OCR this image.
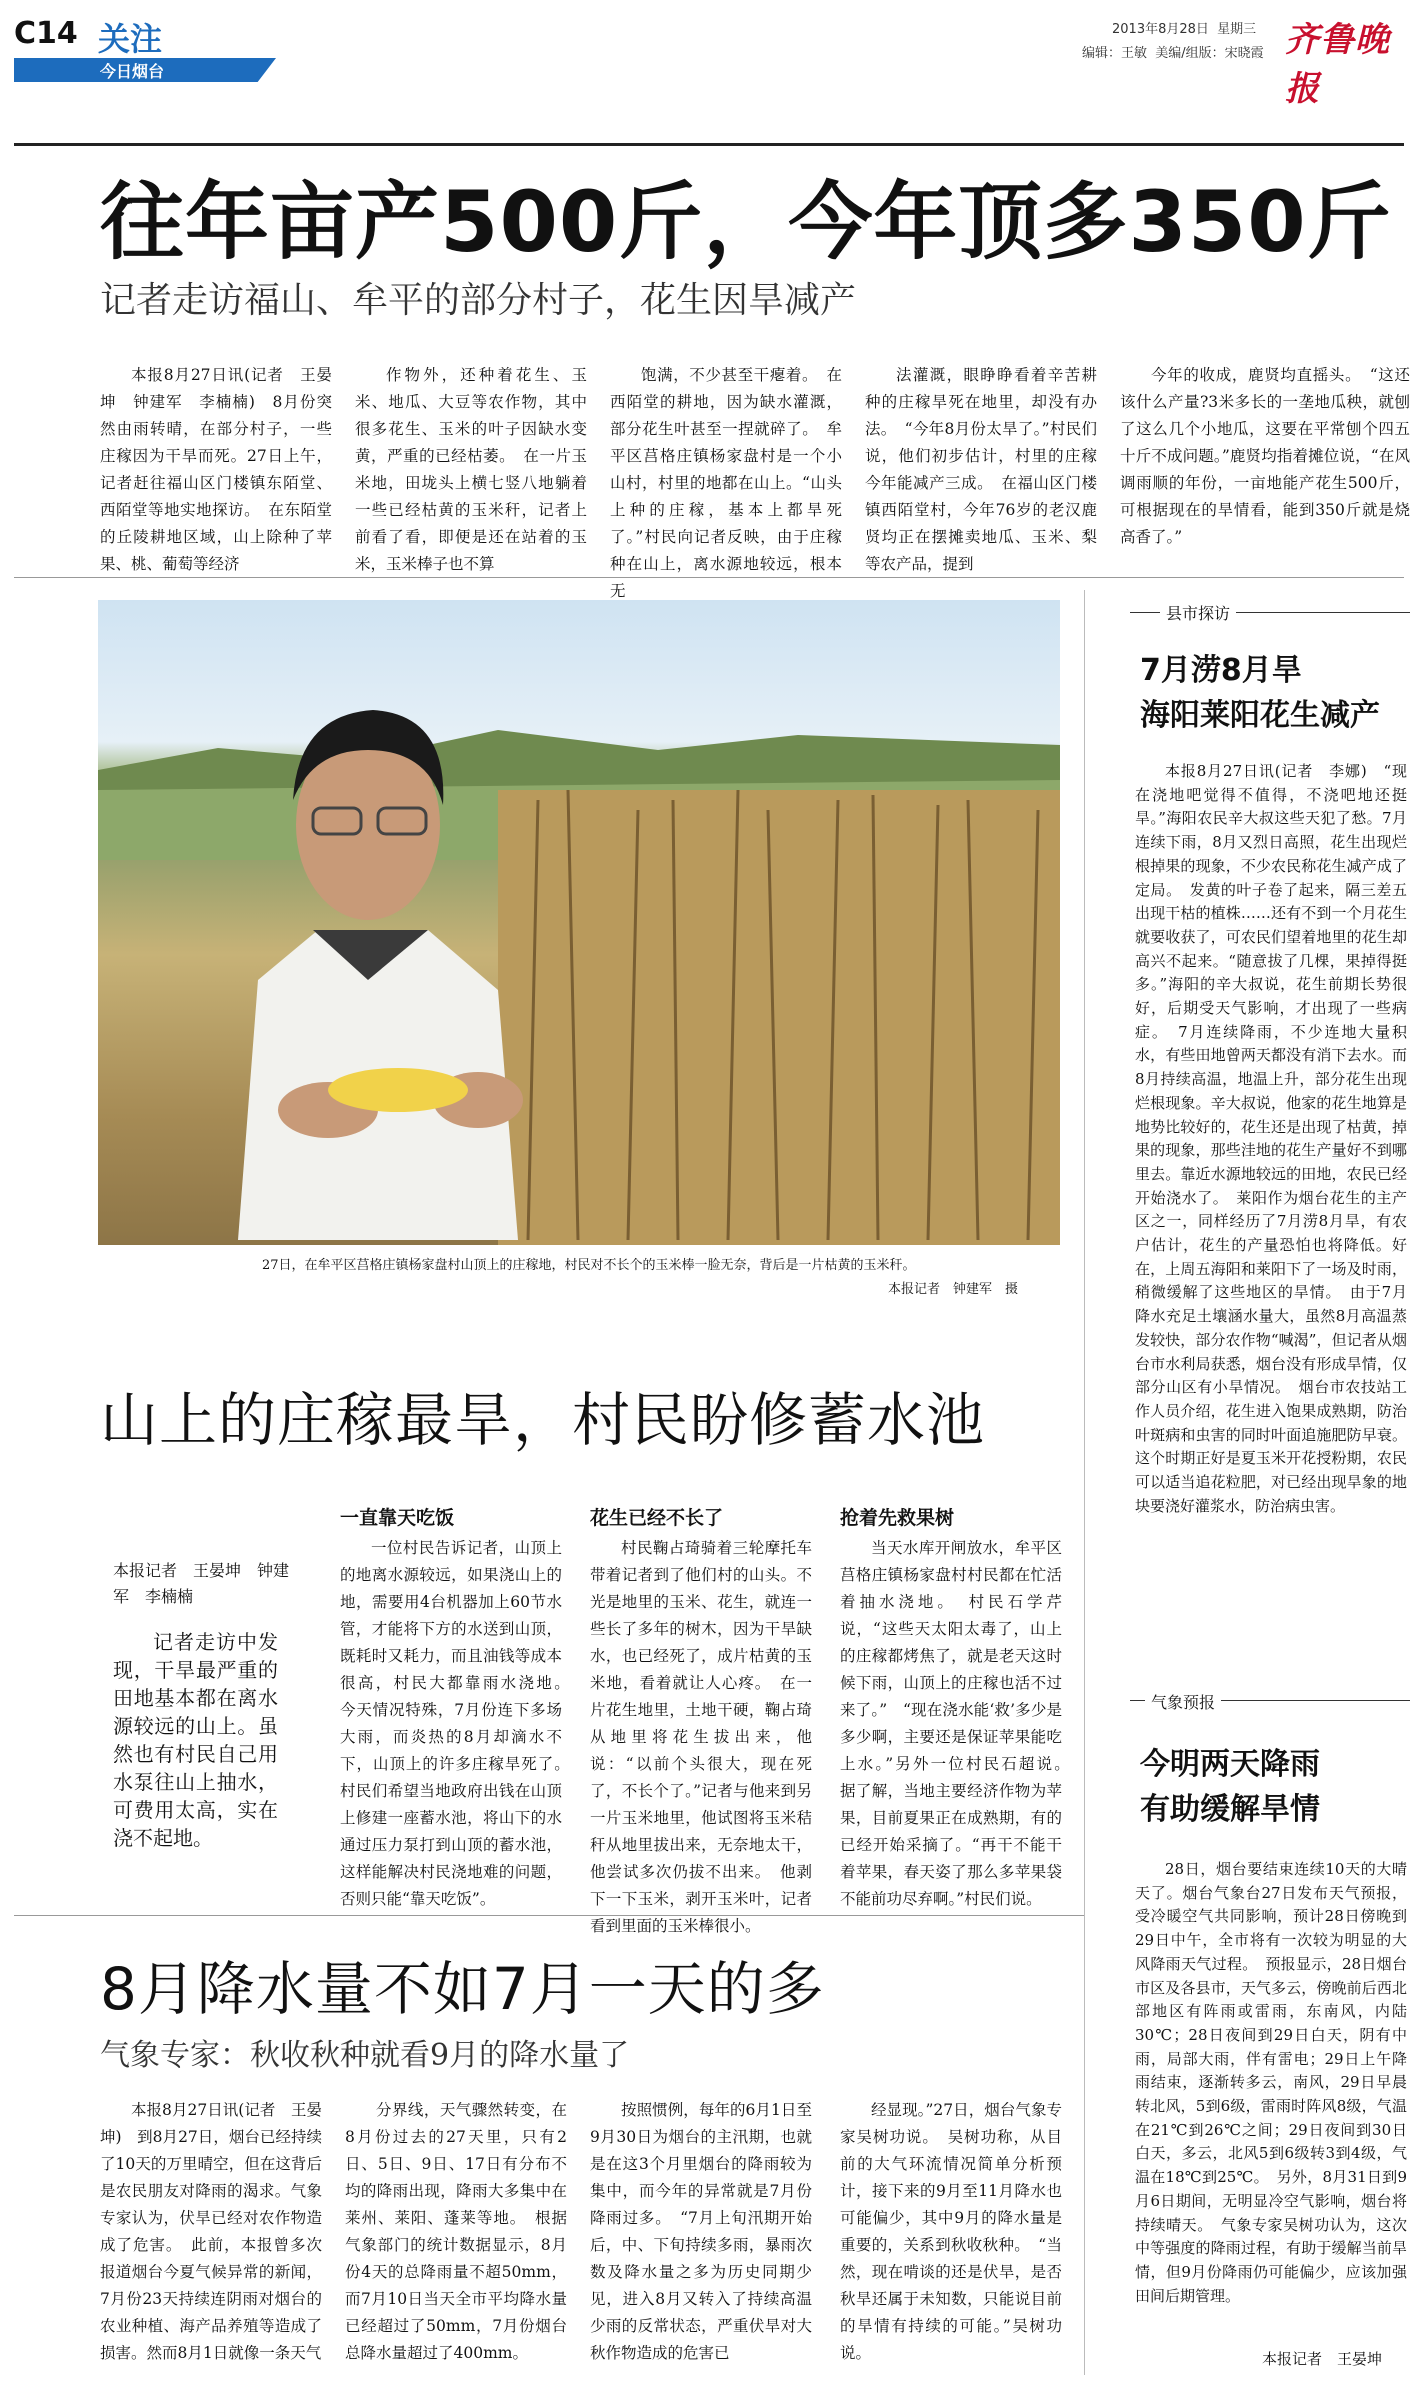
C14 关注
今日烟台
2013年8月28日 星期三
编辑：王敏 美编/组版：宋晓霞 齐鲁晚报
往年亩产500斤，今年顶多350斤
记者走访福山、牟平的部分村子，花生因旱减产

本报8月27日讯(记者　王晏坤　钟建军　李楠楠)　8月份突然由雨转晴，在部分村子，一些庄稼因为干旱而死。27日上午，记者赶往福山区门楼镇东陌堂、西陌堂等地实地探访。　在东陌堂的丘陵耕地区域，山上除种了苹果、桃、葡萄等经济

作物外，还种着花生、玉米、地瓜、大豆等农作物，其中很多花生、玉米的叶子因缺水变黄，严重的已经枯萎。　在一片玉米地，田垅头上横七竖八地躺着一些已经枯黄的玉米秆，记者上前看了看，即便是还在站着的玉米，玉米棒子也不算

饱满，不少甚至干瘪着。　在西陌堂的耕地，因为缺水灌溉，部分花生叶甚至一捏就碎了。　牟平区莒格庄镇杨家盘村是一个小山村，村里的地都在山上。“山头上种的庄稼，基本上都旱死了。”村民向记者反映，由于庄稼种在山上，离水源地较远，根本无

法灌溉，眼睁睁看着辛苦耕种的庄稼旱死在地里，却没有办法。　“今年8月份太旱了。”村民们说，他们初步估计，村里的庄稼今年能减产三成。　在福山区门楼镇西陌堂村，今年76岁的老汉鹿贤均正在摆摊卖地瓜、玉米、梨等农产品，提到

今年的收成，鹿贤均直摇头。　“这还该什么产量?3米多长的一垄地瓜秧，就刨了这么几个小地瓜，这要在平常刨个四五十斤不成问题。”鹿贤均指着摊位说，“在风调雨顺的年份，一亩地能产花生500斤，可根据现在的旱情看，能到350斤就是烧高香了。”

27日，在牟平区莒格庄镇杨家盘村山顶上的庄稼地，村民对不长个的玉米棒一脸无奈，背后是一片枯黄的玉米秆。
本报记者　钟建军　摄
山上的庄稼最旱，村民盼修蓄水池
本报记者　王晏坤　钟建军　李楠楠

记者走访中发现，干旱最严重的田地基本都在离水源较远的山上。虽然也有村民自己用水泵往山上抽水，可费用太高，实在浇不起地。

一直靠天吃饭

一位村民告诉记者，山顶上的地离水源较远，如果浇山上的地，需要用4台机器加上60节水管，才能将下方的水送到山顶，既耗时又耗力，而且油钱等成本很高，村民大都靠雨水浇地。　今天情况特殊，7月份连下多场大雨，而炎热的8月却滴水不下，山顶上的许多庄稼旱死了。　村民们希望当地政府出钱在山顶上修建一座蓄水池，将山下的水通过压力泵打到山顶的蓄水池，这样能解决村民浇地难的问题，否则只能“靠天吃饭”。

花生已经不长了

村民鞠占琦骑着三轮摩托车带着记者到了他们村的山头。不光是地里的玉米、花生，就连一些长了多年的树木，因为干旱缺水，也已经死了，成片枯黄的玉米地，看着就让人心疼。　在一片花生地里，土地干硬，鞠占琦从地里将花生拔出来，他说：“以前个头很大，现在死了，不长个了。”记者与他来到另一片玉米地里，他试图将玉米秸秆从地里拔出来，无奈地太干，他尝试多次仍拔不出来。　他剥下一下玉米，剥开玉米叶，记者看到里面的玉米棒很小。

抢着先救果树

当天水库开闸放水，牟平区莒格庄镇杨家盘村村民都在忙活着抽水浇地。　村民石学芹说，“这些天太阳太毒了，山上的庄稼都烤焦了，就是老天这时候下雨，山顶上的庄稼也活不过来了。”　“现在浇水能‘救’多少是多少啊，主要还是保证苹果能吃上水。”另外一位村民石超说。　据了解，当地主要经济作物为苹果，目前夏果正在成熟期，有的已经开始采摘了。“再干不能干着苹果，春天姿了那么多苹果袋不能前功尽弃啊。”村民们说。

8月降水量不如7月一天的多
气象专家：秋收秋种就看9月的降水量了

本报8月27日讯(记者　王晏坤)　到8月27日，烟台已经持续了10天的万里晴空，但在这背后是农民朋友对降雨的渴求。气象专家认为，伏旱已经对农作物造成了危害。　此前，本报曾多次报道烟台今夏气候异常的新闻，7月份23天持续连阴雨对烟台的农业种植、海产品养殖等造成了损害。然而8月1日就像一条天气

分界线，天气骤然转变，在8月份过去的27天里，只有2日、5日、9日、17日有分布不均的降雨出现，降雨大多集中在莱州、莱阳、蓬莱等地。　根据气象部门的统计数据显示，8月份4天的总降雨量不超50mm，而7月10日当天全市平均降水量已经超过了50mm，7月份烟台总降水量超过了400mm。

按照惯例，每年的6月1日至9月30日为烟台的主汛期，也就是在这3个月里烟台的降雨较为集中，而今年的异常就是7月份降雨过多。　“7月上旬汛期开始后，中、下旬持续多雨，暴雨次数及降水量之多为历史同期少见，进入8月又转入了持续高温少雨的反常状态，严重伏旱对大秋作物造成的危害已

经显现。”27日，烟台气象专家吴树功说。　吴树功称，从目前的大气环流情况简单分析预计，接下来的9月至11月降水也可能偏少，其中9月的降水量是重要的，关系到秋收秋种。　“当然，现在啃谈的还是伏旱，是否秋旱还属于未知数，只能说目前的旱情有持续的可能。”吴树功说。

县市探访
7月涝8月旱
海阳莱阳花生减产

本报8月27日讯(记者　李娜)　“现在浇地吧觉得不值得，不浇吧地还挺旱。”海阳农民辛大叔这些天犯了愁。7月连续下雨，8月又烈日高照，花生出现烂根掉果的现象，不少农民称花生减产成了定局。　发黄的叶子卷了起来，隔三差五出现干枯的植株……还有不到一个月花生就要收获了，可农民们望着地里的花生却高兴不起来。“随意拔了几棵，果掉得挺多。”海阳的辛大叔说，花生前期长势很好，后期受天气影响，才出现了一些病症。　7月连续降雨，不少连地大量积水，有些田地曾两天都没有消下去水。而8月持续高温，地温上升，部分花生出现烂根现象。辛大叔说，他家的花生地算是地势比较好的，花生还是出现了枯黄，掉果的现象，那些洼地的花生产量好不到哪里去。靠近水源地较远的田地，农民已经开始浇水了。　莱阳作为烟台花生的主产区之一，同样经历了7月涝8月旱，有农户估计，花生的产量恐怕也将降低。好在，上周五海阳和莱阳下了一场及时雨，稍微缓解了这些地区的旱情。　由于7月降水充足土壤涵水量大，虽然8月高温蒸发较快，部分农作物“喊渴”，但记者从烟台市水利局获悉，烟台没有形成旱情，仅部分山区有小旱情况。　烟台市农技站工作人员介绍，花生进入饱果成熟期，防治叶斑病和虫害的同时叶面追施肥防早衰。这个时期正好是夏玉米开花授粉期，农民可以适当追花粒肥，对已经出现旱象的地块要浇好灌浆水，防治病虫害。

气象预报
今明两天降雨
有助缓解旱情

28日，烟台要结束连续10天的大晴天了。烟台气象台27日发布天气预报，受冷暖空气共同影响，预计28日傍晚到29日中午，全市将有一次较为明显的大风降雨天气过程。　预报显示，28日烟台市区及各县市，天气多云，傍晚前后西北部地区有阵雨或雷雨，东南风，内陆30℃；28日夜间到29日白天，阴有中雨，局部大雨，伴有雷电；29日上午降雨结束，逐渐转多云，南风，29日早晨转北风，5到6级，雷雨时阵风8级，气温在21℃到26℃之间；29日夜间到30日白天，多云，北风5到6级转3到4级，气温在18℃到25℃。　另外，8月31日到9月6日期间，无明显冷空气影响，烟台将持续晴天。　气象专家吴树功认为，这次中等强度的降雨过程，有助于缓解当前旱情，但9月份降雨仍可能偏少，应该加强田间后期管理。

本报记者　王晏坤
